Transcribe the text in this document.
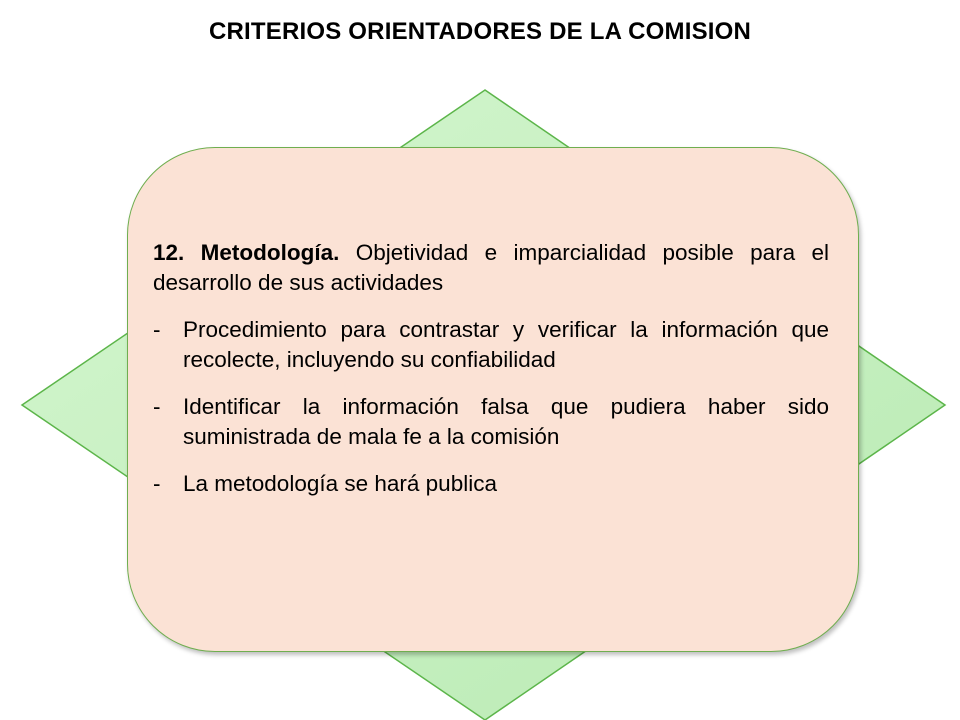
CRITERIOS ORIENTADORES DE LA COMISION

12. Metodología. Objetividad e imparcialidad posible para el desarrollo de sus actividades

-	Procedimiento para contrastar y verificar la información que recolecte, incluyendo su confiabilidad
-	Identificar la información falsa que pudiera haber sido suministrada de mala fe a la comisión
-	La metodología se hará publica
